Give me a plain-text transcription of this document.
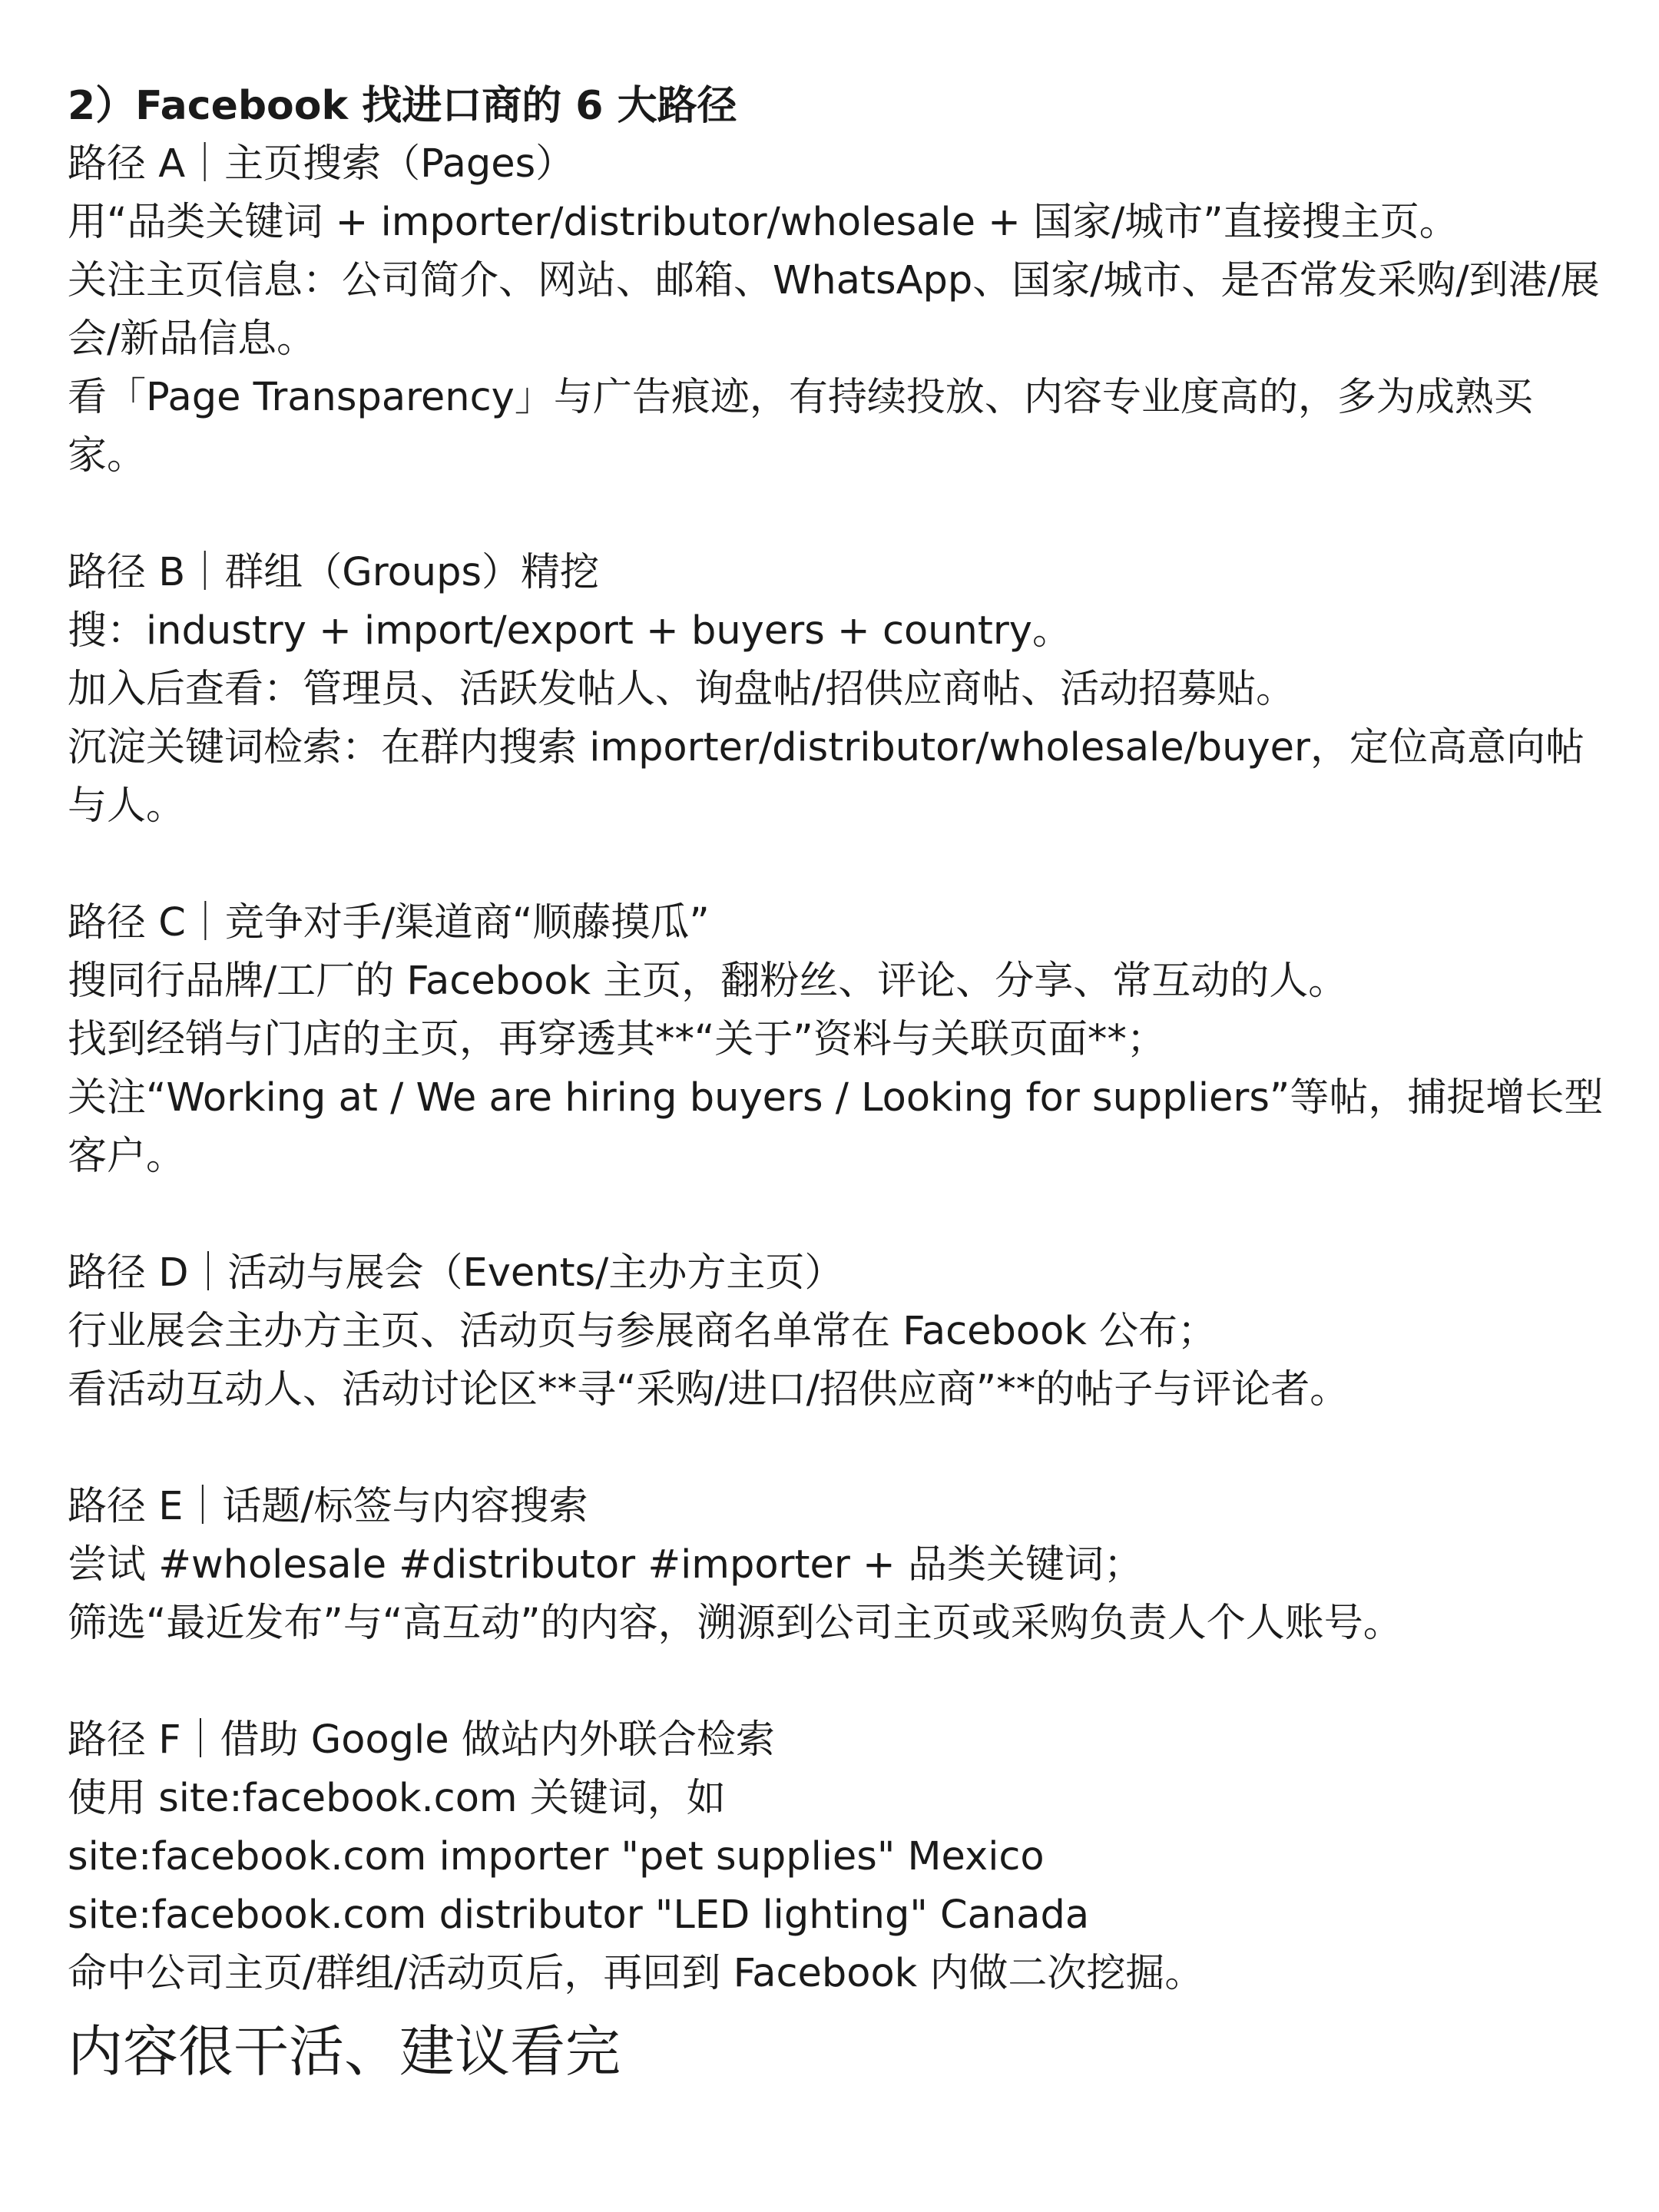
2）Facebook 找进口商的 6 大路径

路径 A｜主页搜索（Pages）

用“品类关键词 + importer/distributor/wholesale + 国家/城市”直接搜主页。

关注主页信息：公司简介、网站、邮箱、WhatsApp、国家/城市、是否常发采购/到港/展会/新品信息。

看「Page Transparency」与广告痕迹，有持续投放、内容专业度高的，多为成熟买家。

路径 B｜群组（Groups）精挖

搜：industry + import/export + buyers + country。

加入后查看：管理员、活跃发帖人、询盘帖/招供应商帖、活动招募贴。

沉淀关键词检索：在群内搜索 importer/distributor/wholesale/buyer，定位高意向帖与人。

路径 C｜竞争对手/渠道商“顺藤摸瓜”

搜同行品牌/工厂的 Facebook 主页，翻粉丝、评论、分享、常互动的人。

找到经销与门店的主页，再穿透其**“关于”资料与关联页面**；

关注“Working at / We are hiring buyers / Looking for suppliers”等帖，捕捉增长型客户。

路径 D｜活动与展会（Events/主办方主页）

行业展会主办方主页、活动页与参展商名单常在 Facebook 公布；

看活动互动人、活动讨论区**寻“采购/进口/招供应商”**的帖子与评论者。

路径 E｜话题/标签与内容搜索

尝试 #wholesale #distributor #importer + 品类关键词；

筛选“最近发布”与“高互动”的内容，溯源到公司主页或采购负责人个人账号。

路径 F｜借助 Google 做站内外联合检索

使用 site:facebook.com 关键词，如

site:facebook.com importer "pet supplies" Mexico

site:facebook.com distributor "LED lighting" Canada

命中公司主页/群组/活动页后，再回到 Facebook 内做二次挖掘。

内容很干活、建议看完
